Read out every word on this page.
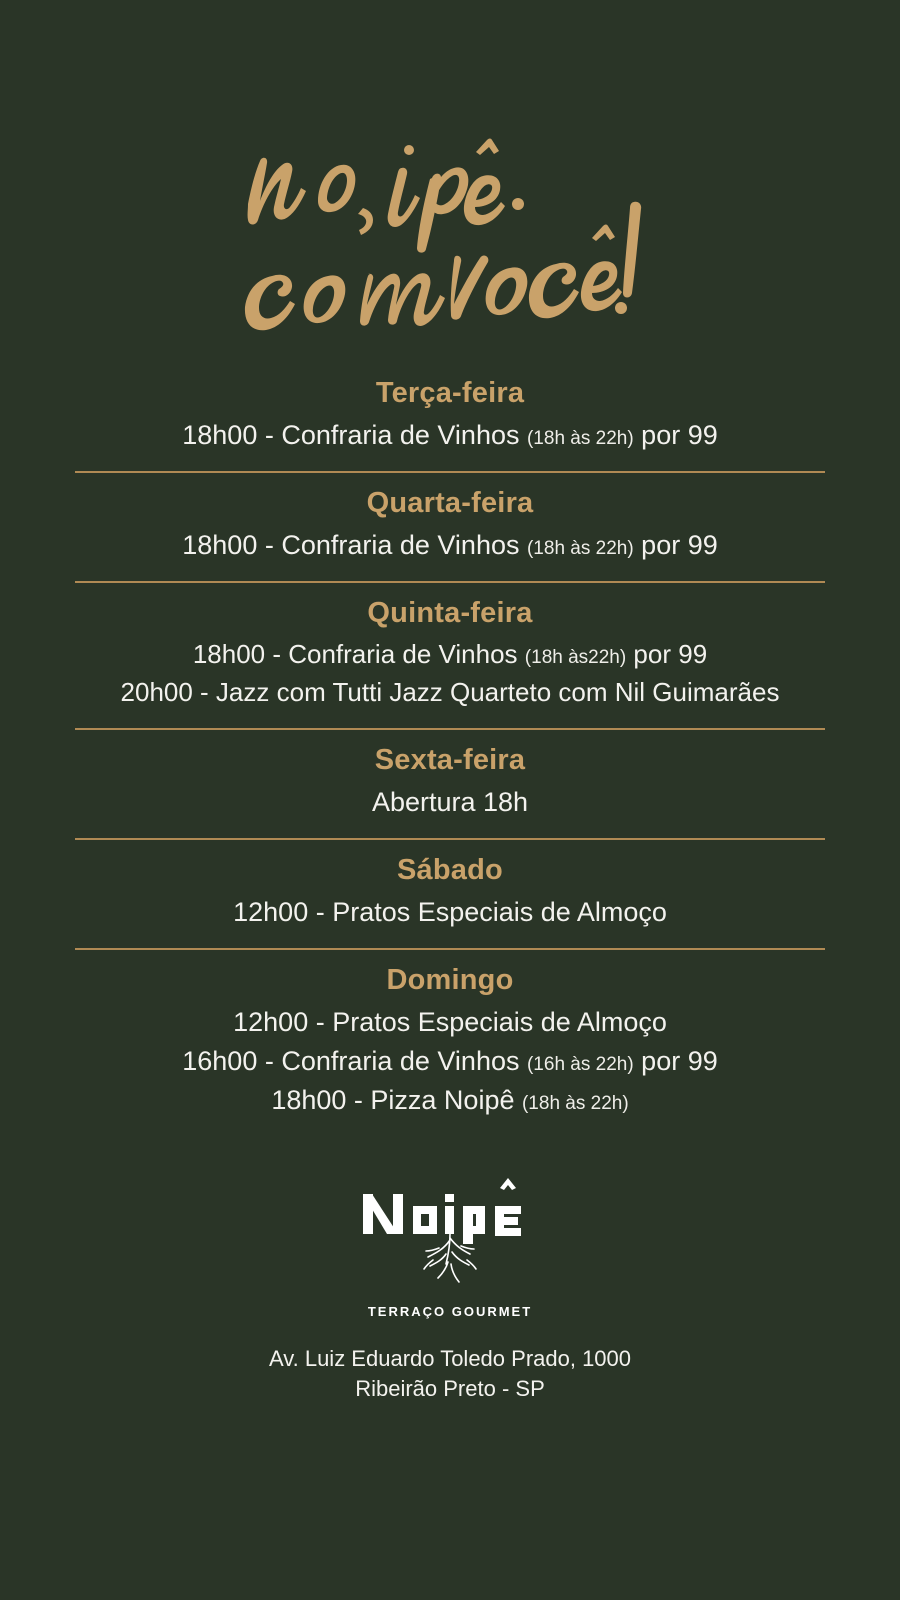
Terça-feira
18h00 - Confraria de Vinhos (18h às 22h) por 99
Quarta-feira
18h00 - Confraria de Vinhos (18h às 22h) por 99
Quinta-feira
18h00 - Confraria de Vinhos (18h às22h) por 99
20h00 - Jazz com Tutti Jazz Quarteto com Nil Guimarães
Sexta-feira
Abertura 18h
Sábado
12h00 - Pratos Especiais de Almoço
Domingo
12h00 - Pratos Especiais de Almoço
16h00 - Confraria de Vinhos (16h às 22h) por 99
18h00 - Pizza Noipê (18h às 22h)
TERRAÇO GOURMET
Av. Luiz Eduardo Toledo Prado, 1000
Ribeirão Preto - SP
